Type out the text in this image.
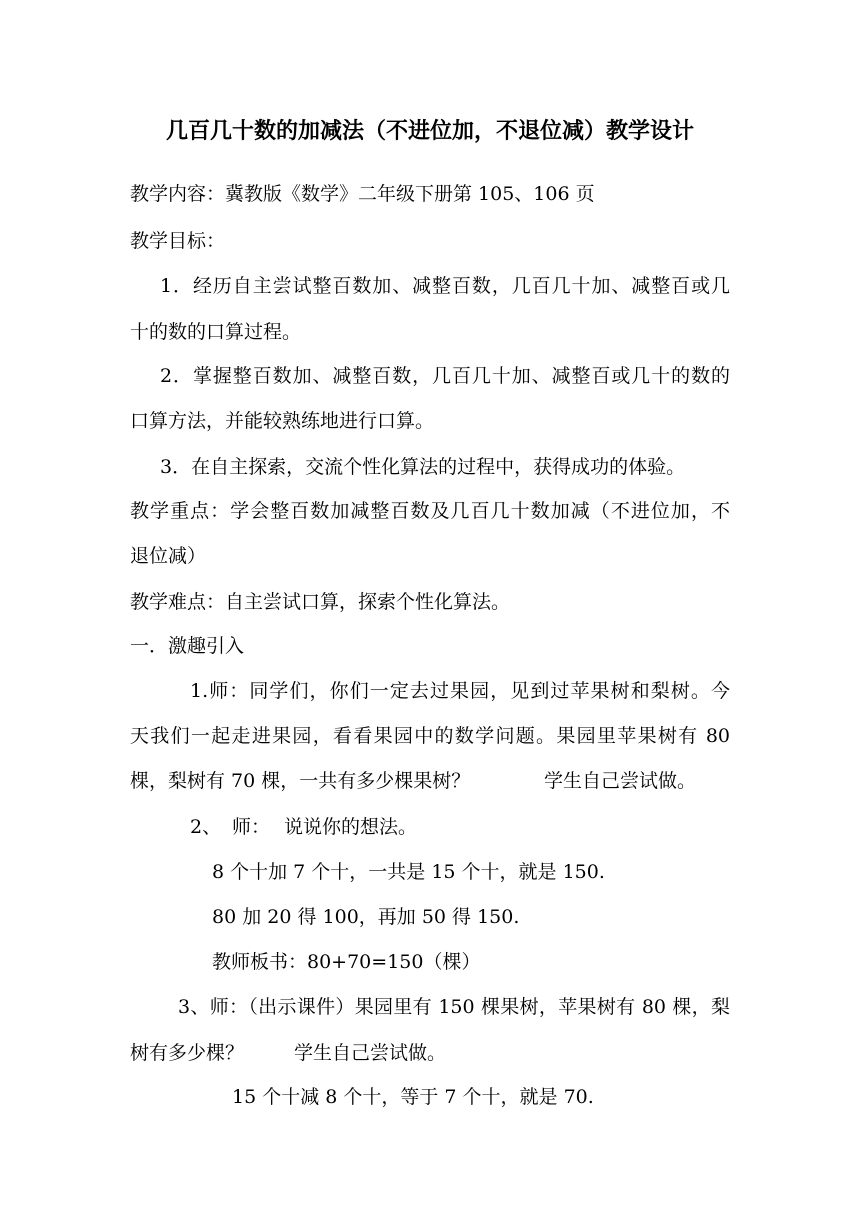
几百几十数的加减法（不进位加，不退位减）教学设计
教学内容：冀教版《数学》二年级下册第 105、106 页
教学目标：
1．经历自主尝试整百数加、减整百数，几百几十加、减整百或几
十的数的口算过程。
2．掌握整百数加、减整百数，几百几十加、减整百或几十的数的
口算方法，并能较熟练地进行口算。
3．在自主探索，交流个性化算法的过程中，获得成功的体验。
教学重点：学会整百数加减整百数及几百几十数加减（不进位加，不
退位减）
教学难点：自主尝试口算，探索个性化算法。
一．激趣引入
1.师：同学们，你们一定去过果园，见到过苹果树和梨树。今
天我们一起走进果园，看看果园中的数学问题。果园里苹果树有 80
棵，梨树有 70 棵，一共有多少棵果树？	学生自己尝试做。
2、 师： 说说你的想法。
8 个十加 7 个十，一共是 15 个十，就是 150.
80 加 20 得 100，再加 50 得 150.
教师板书：80+70=150（棵）
3、师：（出示课件）果园里有 150 棵果树，苹果树有 80 棵，梨
树有多少棵？	学生自己尝试做。
15 个十减 8 个十，等于 7 个十，就是 70.
